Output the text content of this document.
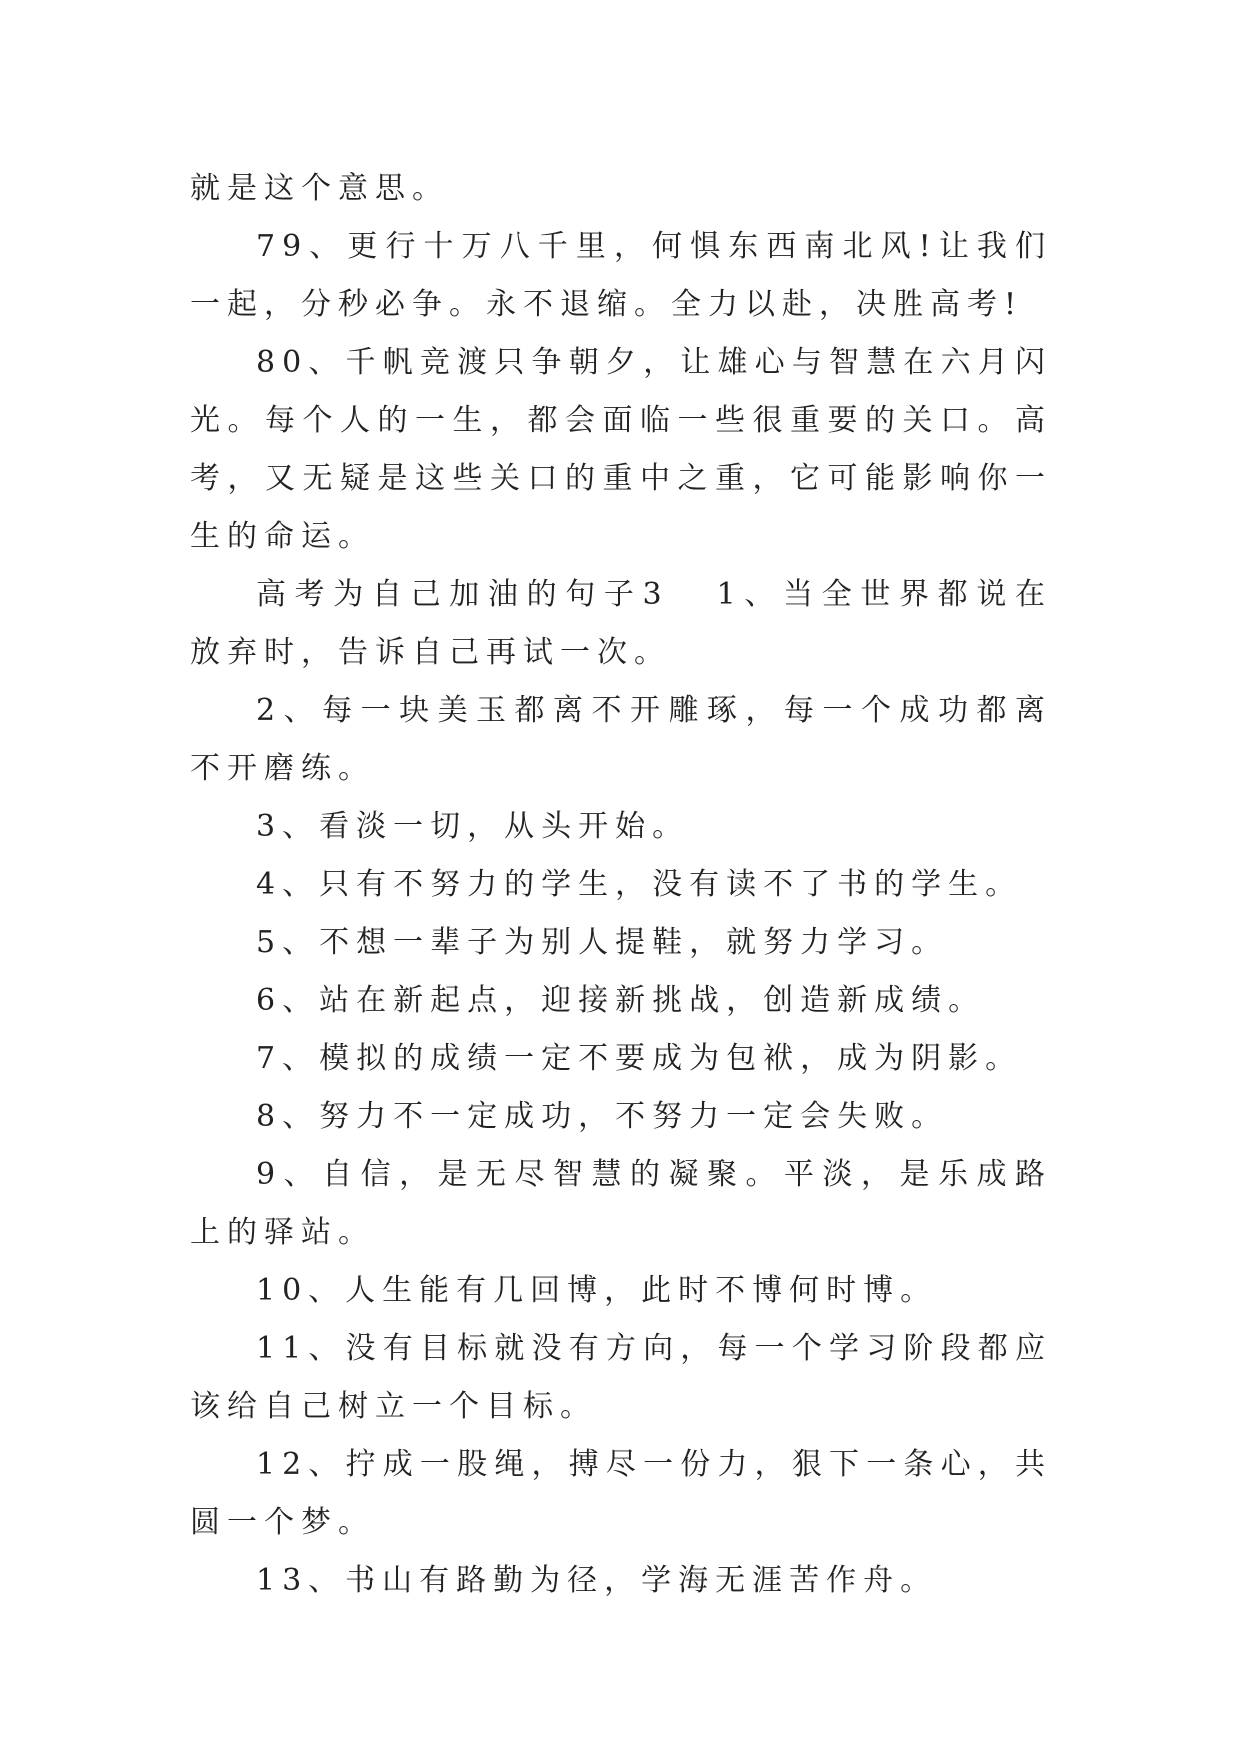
就是这个意思。

79、更行十万八千里，何惧东西南北风!让我们一起，分秒必争。永不退缩。全力以赴，决胜高考!

80、千帆竞渡只争朝夕，让雄心与智慧在六月闪光。每个人的一生，都会面临一些很重要的关口。高考，又无疑是这些关口的重中之重，它可能影响你一生的命运。

高考为自己加油的句子3 1、当全世界都说在放弃时，告诉自己再试一次。

2、每一块美玉都离不开雕琢，每一个成功都离不开磨练。

3、看淡一切，从头开始。

4、只有不努力的学生，没有读不了书的学生。

5、不想一辈子为别人提鞋，就努力学习。

6、站在新起点，迎接新挑战，创造新成绩。

7、模拟的成绩一定不要成为包袱，成为阴影。

8、努力不一定成功，不努力一定会失败。

9、自信，是无尽智慧的凝聚。平淡，是乐成路上的驿站。

10、人生能有几回博，此时不博何时博。

11、没有目标就没有方向，每一个学习阶段都应该给自己树立一个目标。

12、拧成一股绳，搏尽一份力，狠下一条心，共圆一个梦。

13、书山有路勤为径，学海无涯苦作舟。
